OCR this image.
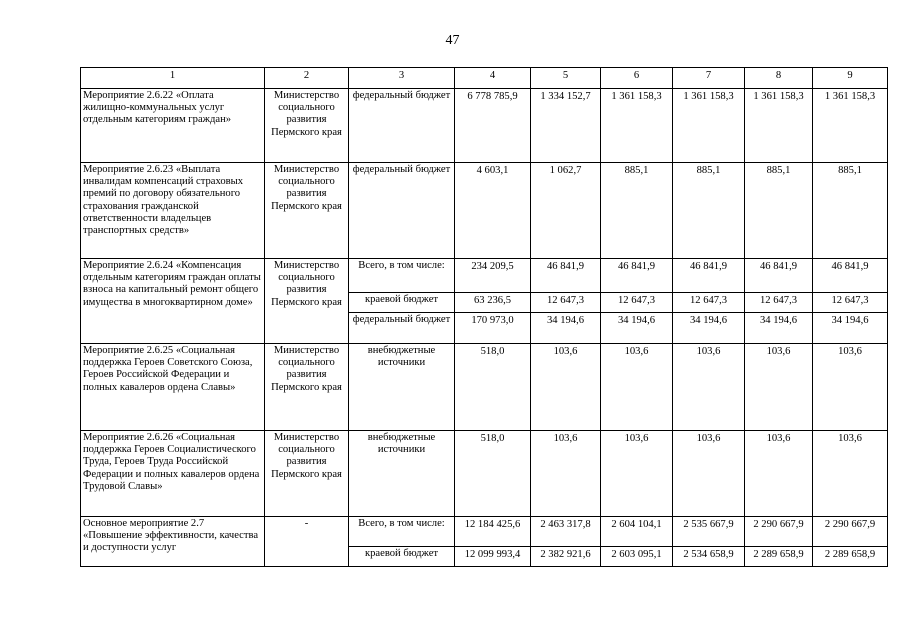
47
1	2	3	4	5	6	7	8	9
Мероприятие 2.6.22 «Оплата жилищно-коммунальных услуг отдельным категориям граждан»	Министерство социального развития Пермского края	федеральный бюджет	6 778 785,9	1 334 152,7	1 361 158,3	1 361 158,3	1 361 158,3	1 361 158,3
Мероприятие 2.6.23 «Выплата инвалидам компенсаций страховых премий по договору обязательного страхования гражданской ответственности владельцев транспортных средств»	Министерство социального развития Пермского края	федеральный бюджет	4 603,1	1 062,7	885,1	885,1	885,1	885,1
Мероприятие 2.6.24 «Компенсация отдельным категориям граждан оплаты взноса на капитальный ремонт общего имущества в многоквартирном доме»	Министерство социального развития Пермского края	Всего, в том числе:	234 209,5	46 841,9	46 841,9	46 841,9	46 841,9	46 841,9
		краевой бюджет	63 236,5	12 647,3	12 647,3	12 647,3	12 647,3	12 647,3
		федеральный бюджет	170 973,0	34 194,6	34 194,6	34 194,6	34 194,6	34 194,6
Мероприятие 2.6.25 «Социальная поддержка Героев Советского Союза, Героев Российской Федерации и полных кавалеров ордена Славы»	Министерство социального развития Пермского края	внебюджетные источники	518,0	103,6	103,6	103,6	103,6	103,6
Мероприятие 2.6.26 «Социальная поддержка Героев Социалистического Труда, Героев Труда Российской Федерации и полных кавалеров ордена Трудовой Славы»	Министерство социального развития Пермского края	внебюджетные источники	518,0	103,6	103,6	103,6	103,6	103,6
Основное мероприятие 2.7 «Повышение эффективности, качества и доступности услуг	-	Всего, в том числе:	12 184 425,6	2 463 317,8	2 604 104,1	2 535 667,9	2 290 667,9	2 290 667,9
		краевой бюджет	12 099 993,4	2 382 921,6	2 603 095,1	2 534 658,9	2 289 658,9	2 289 658,9
